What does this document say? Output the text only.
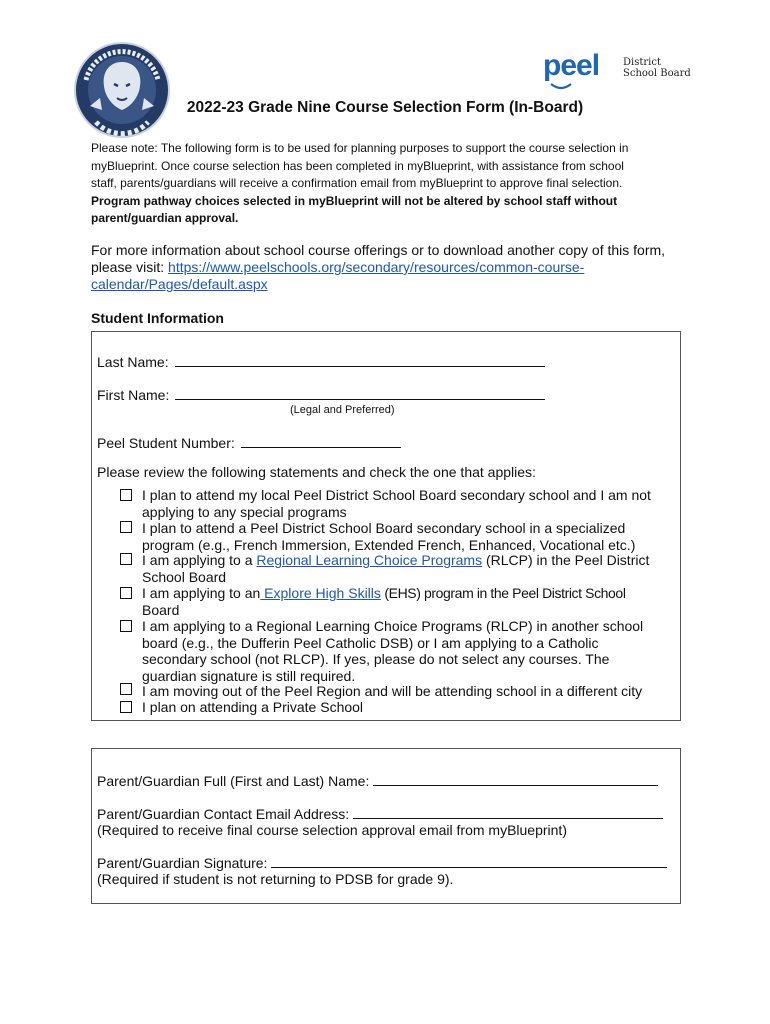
peel District
School Board
2022-23 Grade Nine Course Selection Form (In-Board)
Please note: The following form is to be used for planning purposes to support the course selection in
myBlueprint. Once course selection has been completed in myBlueprint, with assistance from school
staff, parents/guardians will receive a confirmation email from myBlueprint to approve final selection.
Program pathway choices selected in myBlueprint will not be altered by school staff without
parent/guardian approval.
For more information about school course offerings or to download another copy of this form,
please visit: https://www.peelschools.org/secondary/resources/common-course-
calendar/Pages/default.aspx
Student Information
Last Name:
First Name:
(Legal and Preferred)
Peel Student Number:
Please review the following statements and check the one that applies:
I plan to attend my local Peel District School Board secondary school and I am not
applying to any special programs
I plan to attend a Peel District School Board secondary school in a specialized
program (e.g., French Immersion, Extended French, Enhanced, Vocational etc.)
I am applying to a Regional Learning Choice Programs (RLCP) in the Peel District
School Board
I am applying to an Explore High Skills (EHS) program in the Peel District School
Board
I am applying to a Regional Learning Choice Programs (RLCP) in another school
board (e.g., the Dufferin Peel Catholic DSB) or I am applying to a Catholic
secondary school (not RLCP). If yes, please do not select any courses. The
guardian signature is still required.
I am moving out of the Peel Region and will be attending school in a different city
I plan on attending a Private School
Parent/Guardian Full (First and Last) Name:
Parent/Guardian Contact Email Address:
(Required to receive final course selection approval email from myBlueprint)
Parent/Guardian Signature:
(Required if student is not returning to PDSB for grade 9).
